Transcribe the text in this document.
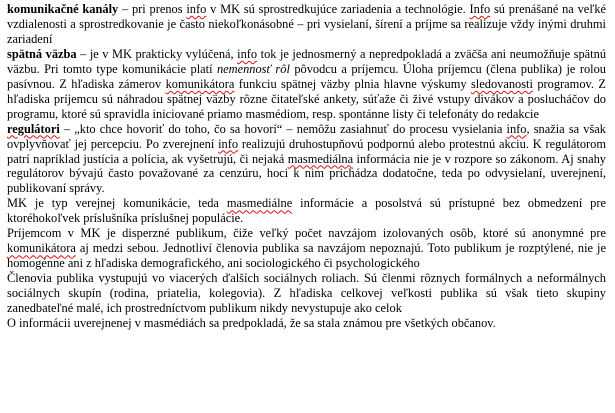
komunikačné kanály – pri prenos info v MK sú sprostredkujúce zariadenia a technológie. Info sú prenášané na veľké vzdialenosti a sprostredkovanie je často niekoľkonásobné – pri vysielaní, šírení a príjme sa realizuje vždy inými druhmi zariadení

spätná väzba – je v MK prakticky vylúčená, info tok je jednosmerný a nepredpokladá a zväčša ani neumožňuje spätnú väzbu. Pri tomto type komunikácie platí nemennosť rôl pôvodcu a príjemcu. Úloha príjemcu (člena publika) je rolou pasívnou. Z hľadiska zámerov komunikátora funkciu spätnej väzby plnia hlavne výskumy sledovanosti programov. Z hľadiska príjemcu sú náhradou spätnej väzby rôzne čitateľské ankety, súťaže či živé vstupy divákov a poslucháčov do programu, ktoré sú spravidla iniciované priamo masmédiom, resp. spontánne listy či telefonáty do redakcie

regulátori – „kto chce hovoriť do toho, čo sa hovorí“ – nemôžu zasiahnuť do procesu vysielania info, snažia sa však ovplyvňovať jej percepciu. Po zverejnení info realizujú druhostupňovú podpornú alebo protestnú akciu. K regulátorom patrí napríklad justícia a polícia, ak vyšetrujú, či nejaká masmediálna informácia nie je v rozpore so zákonom. Aj snahy regulátorov bývajú často považované za cenzúru, hoci k nim prichádza dodatočne, teda po odvysielaní, uverejnení, publikovaní správy.

MK je typ verejnej komunikácie, teda masmediálne informácie a posolstvá sú prístupné bez obmedzení pre ktoréhokoľvek príslušníka príslušnej populácie.

Príjemcom v MK je disperzné publikum, čiže veľký počet navzájom izolovaných osôb, ktoré sú anonymné pre komunikátora aj medzi sebou. Jednotliví členovia publika sa navzájom nepoznajú. Toto publikum je rozptýlené, nie je homogénne ani z hľadiska demografického, ani sociologického či psychologického

Členovia publika vystupujú vo viacerých ďalších sociálnych roliach. Sú členmi rôznych formálnych a neformálnych sociálnych skupín (rodina, priatelia, kolegovia). Z hľadiska celkovej veľkosti publika sú však tieto skupiny zanedbateľné malé, ich prostredníctvom publikum nikdy nevystupuje ako celok

O informácii uverejnenej v masmédiách sa predpokladá, že sa stala známou pre všetkých občanov.
